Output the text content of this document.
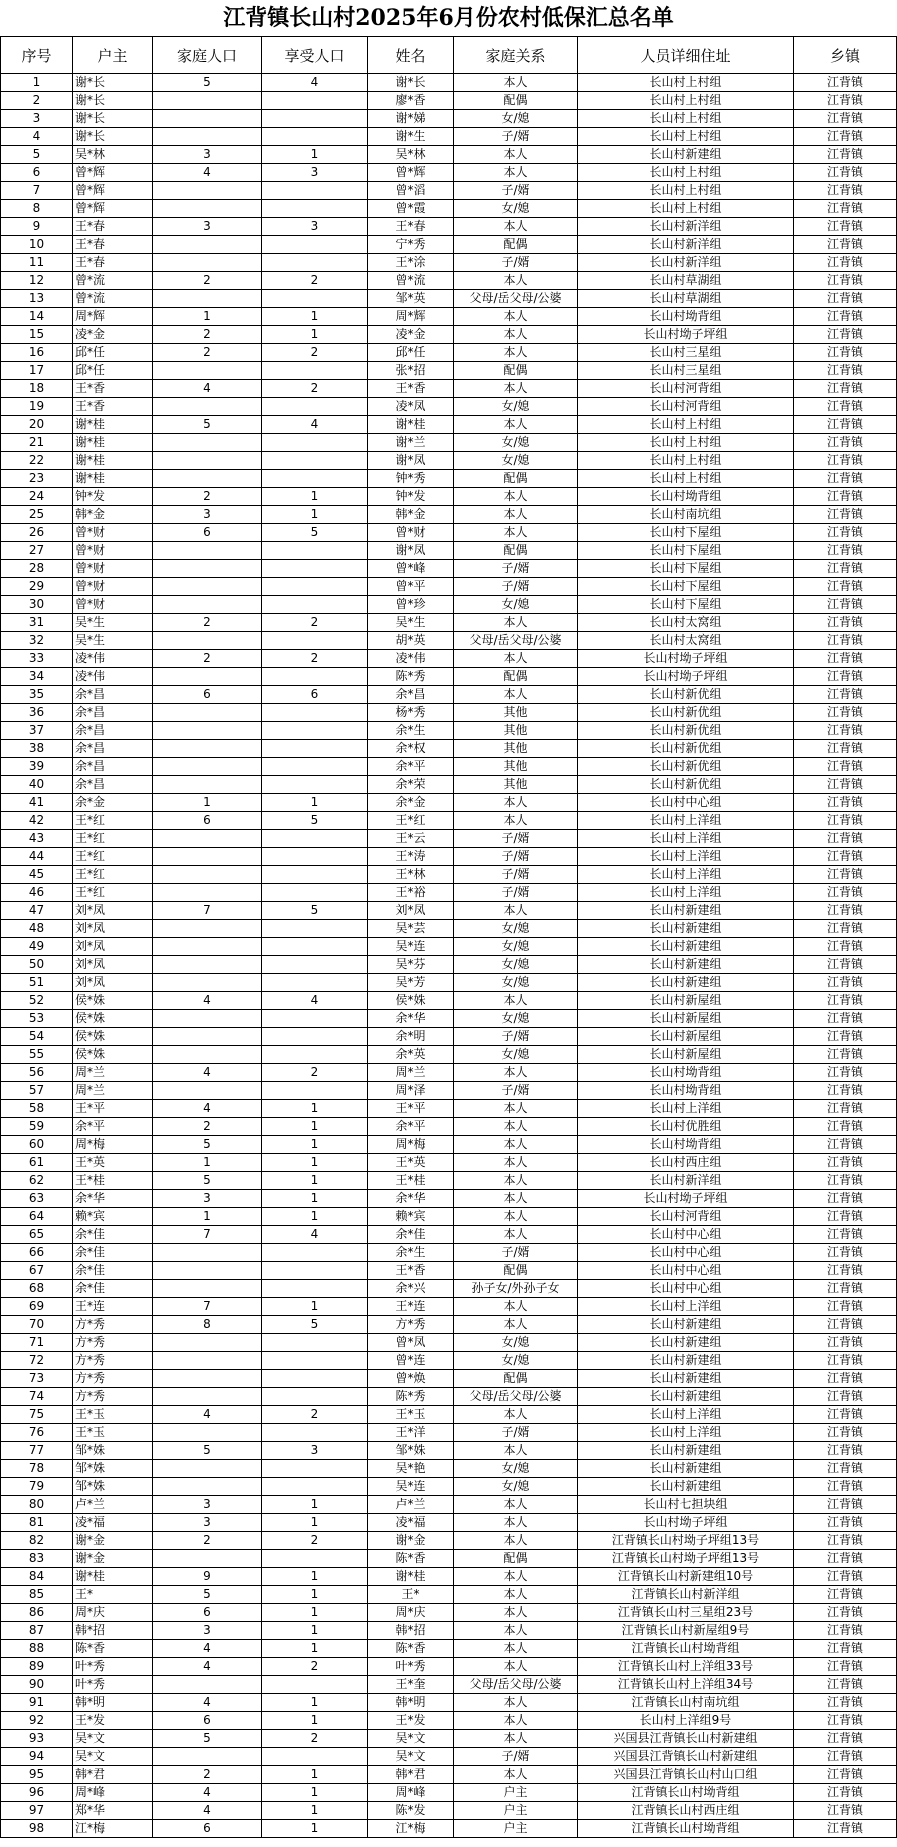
江背镇长山村2025年6月份农村低保汇总名单
序号	户主	家庭人口	享受人口	姓名	家庭关系	人员详细住址	乡镇
1	谢*长	5	4	谢*长	本人	长山村上村组	江背镇
2	谢*长			廖*香	配偶	长山村上村组	江背镇
3	谢*长			谢*娣	女/媳	长山村上村组	江背镇
4	谢*长			谢*生	子/婿	长山村上村组	江背镇
5	吴*林	3	1	吴*林	本人	长山村新建组	江背镇
6	曾*辉	4	3	曾*辉	本人	长山村上村组	江背镇
7	曾*辉			曾*滔	子/婿	长山村上村组	江背镇
8	曾*辉			曾*霞	女/媳	长山村上村组	江背镇
9	王*春	3	3	王*春	本人	长山村新洋组	江背镇
10	王*春			宁*秀	配偶	长山村新洋组	江背镇
11	王*春			王*涂	子/婿	长山村新洋组	江背镇
12	曾*流	2	2	曾*流	本人	长山村草湖组	江背镇
13	曾*流			邹*英	父母/岳父母/公婆	长山村草湖组	江背镇
14	周*辉	1	1	周*辉	本人	长山村坳背组	江背镇
15	凌*金	2	1	凌*金	本人	长山村坳子坪组	江背镇
16	邱*任	2	2	邱*任	本人	长山村三星组	江背镇
17	邱*任			张*招	配偶	长山村三星组	江背镇
18	王*香	4	2	王*香	本人	长山村河背组	江背镇
19	王*香			凌*凤	女/媳	长山村河背组	江背镇
20	谢*桂	5	4	谢*桂	本人	长山村上村组	江背镇
21	谢*桂			谢*兰	女/媳	长山村上村组	江背镇
22	谢*桂			谢*凤	女/媳	长山村上村组	江背镇
23	谢*桂			钟*秀	配偶	长山村上村组	江背镇
24	钟*发	2	1	钟*发	本人	长山村坳背组	江背镇
25	韩*金	3	1	韩*金	本人	长山村南坑组	江背镇
26	曾*财	6	5	曾*财	本人	长山村下屋组	江背镇
27	曾*财			谢*凤	配偶	长山村下屋组	江背镇
28	曾*财			曾*峰	子/婿	长山村下屋组	江背镇
29	曾*财			曾*平	子/婿	长山村下屋组	江背镇
30	曾*财			曾*珍	女/媳	长山村下屋组	江背镇
31	吴*生	2	2	吴*生	本人	长山村太窝组	江背镇
32	吴*生			胡*英	父母/岳父母/公婆	长山村太窝组	江背镇
33	凌*伟	2	2	凌*伟	本人	长山村坳子坪组	江背镇
34	凌*伟			陈*秀	配偶	长山村坳子坪组	江背镇
35	余*昌	6	6	余*昌	本人	长山村新优组	江背镇
36	余*昌			杨*秀	其他	长山村新优组	江背镇
37	余*昌			余*生	其他	长山村新优组	江背镇
38	余*昌			余*权	其他	长山村新优组	江背镇
39	余*昌			余*平	其他	长山村新优组	江背镇
40	余*昌			余*荣	其他	长山村新优组	江背镇
41	余*金	1	1	余*金	本人	长山村中心组	江背镇
42	王*红	6	5	王*红	本人	长山村上洋组	江背镇
43	王*红			王*云	子/婿	长山村上洋组	江背镇
44	王*红			王*涛	子/婿	长山村上洋组	江背镇
45	王*红			王*林	子/婿	长山村上洋组	江背镇
46	王*红			王*裕	子/婿	长山村上洋组	江背镇
47	刘*凤	7	5	刘*凤	本人	长山村新建组	江背镇
48	刘*凤			吴*芸	女/媳	长山村新建组	江背镇
49	刘*凤			吴*连	女/媳	长山村新建组	江背镇
50	刘*凤			吴*芬	女/媳	长山村新建组	江背镇
51	刘*凤			吴*芳	女/媳	长山村新建组	江背镇
52	侯*姝	4	4	侯*姝	本人	长山村新屋组	江背镇
53	侯*姝			余*华	女/媳	长山村新屋组	江背镇
54	侯*姝			余*明	子/婿	长山村新屋组	江背镇
55	侯*姝			余*英	女/媳	长山村新屋组	江背镇
56	周*兰	4	2	周*兰	本人	长山村坳背组	江背镇
57	周*兰			周*泽	子/婿	长山村坳背组	江背镇
58	王*平	4	1	王*平	本人	长山村上洋组	江背镇
59	余*平	2	1	余*平	本人	长山村优胜组	江背镇
60	周*梅	5	1	周*梅	本人	长山村坳背组	江背镇
61	王*英	1	1	王*英	本人	长山村西庄组	江背镇
62	王*桂	5	1	王*桂	本人	长山村新洋组	江背镇
63	余*华	3	1	余*华	本人	长山村坳子坪组	江背镇
64	赖*宾	1	1	赖*宾	本人	长山村河背组	江背镇
65	余*佳	7	4	余*佳	本人	长山村中心组	江背镇
66	余*佳			余*生	子/婿	长山村中心组	江背镇
67	余*佳			王*香	配偶	长山村中心组	江背镇
68	余*佳			余*兴	孙子女/外孙子女	长山村中心组	江背镇
69	王*连	7	1	王*连	本人	长山村上洋组	江背镇
70	方*秀	8	5	方*秀	本人	长山村新建组	江背镇
71	方*秀			曾*凤	女/媳	长山村新建组	江背镇
72	方*秀			曾*连	女/媳	长山村新建组	江背镇
73	方*秀			曾*焕	配偶	长山村新建组	江背镇
74	方*秀			陈*秀	父母/岳父母/公婆	长山村新建组	江背镇
75	王*玉	4	2	王*玉	本人	长山村上洋组	江背镇
76	王*玉			王*洋	子/婿	长山村上洋组	江背镇
77	邹*姝	5	3	邹*姝	本人	长山村新建组	江背镇
78	邹*姝			吴*艳	女/媳	长山村新建组	江背镇
79	邹*姝			吴*连	女/媳	长山村新建组	江背镇
80	卢*兰	3	1	卢*兰	本人	长山村七担块组	江背镇
81	凌*福	3	1	凌*福	本人	长山村坳子坪组	江背镇
82	谢*金	2	2	谢*金	本人	江背镇长山村坳子坪组13号	江背镇
83	谢*金			陈*香	配偶	江背镇长山村坳子坪组13号	江背镇
84	谢*桂	9	1	谢*桂	本人	江背镇长山村新建组10号	江背镇
85	王*	5	1	王*	本人	江背镇长山村新洋组	江背镇
86	周*庆	6	1	周*庆	本人	江背镇长山村三星组23号	江背镇
87	韩*招	3	1	韩*招	本人	江背镇长山村新屋组9号	江背镇
88	陈*香	4	1	陈*香	本人	江背镇长山村坳背组	江背镇
89	叶*秀	4	2	叶*秀	本人	江背镇长山村上洋组33号	江背镇
90	叶*秀			王*奎	父母/岳父母/公婆	江背镇长山村上洋组34号	江背镇
91	韩*明	4	1	韩*明	本人	江背镇长山村南坑组	江背镇
92	王*发	6	1	王*发	本人	长山村上洋组9号	江背镇
93	吴*文	5	2	吴*文	本人	兴国县江背镇长山村新建组	江背镇
94	吴*文			吴*文	子/婿	兴国县江背镇长山村新建组	江背镇
95	韩*君	2	1	韩*君	本人	兴国县江背镇长山村山口组	江背镇
96	周*峰	4	1	周*峰	户主	江背镇长山村坳背组	江背镇
97	郑*华	4	1	陈*发	户主	江背镇长山村西庄组	江背镇
98	江*梅	6	1	江*梅	户主	江背镇长山村坳背组	江背镇
